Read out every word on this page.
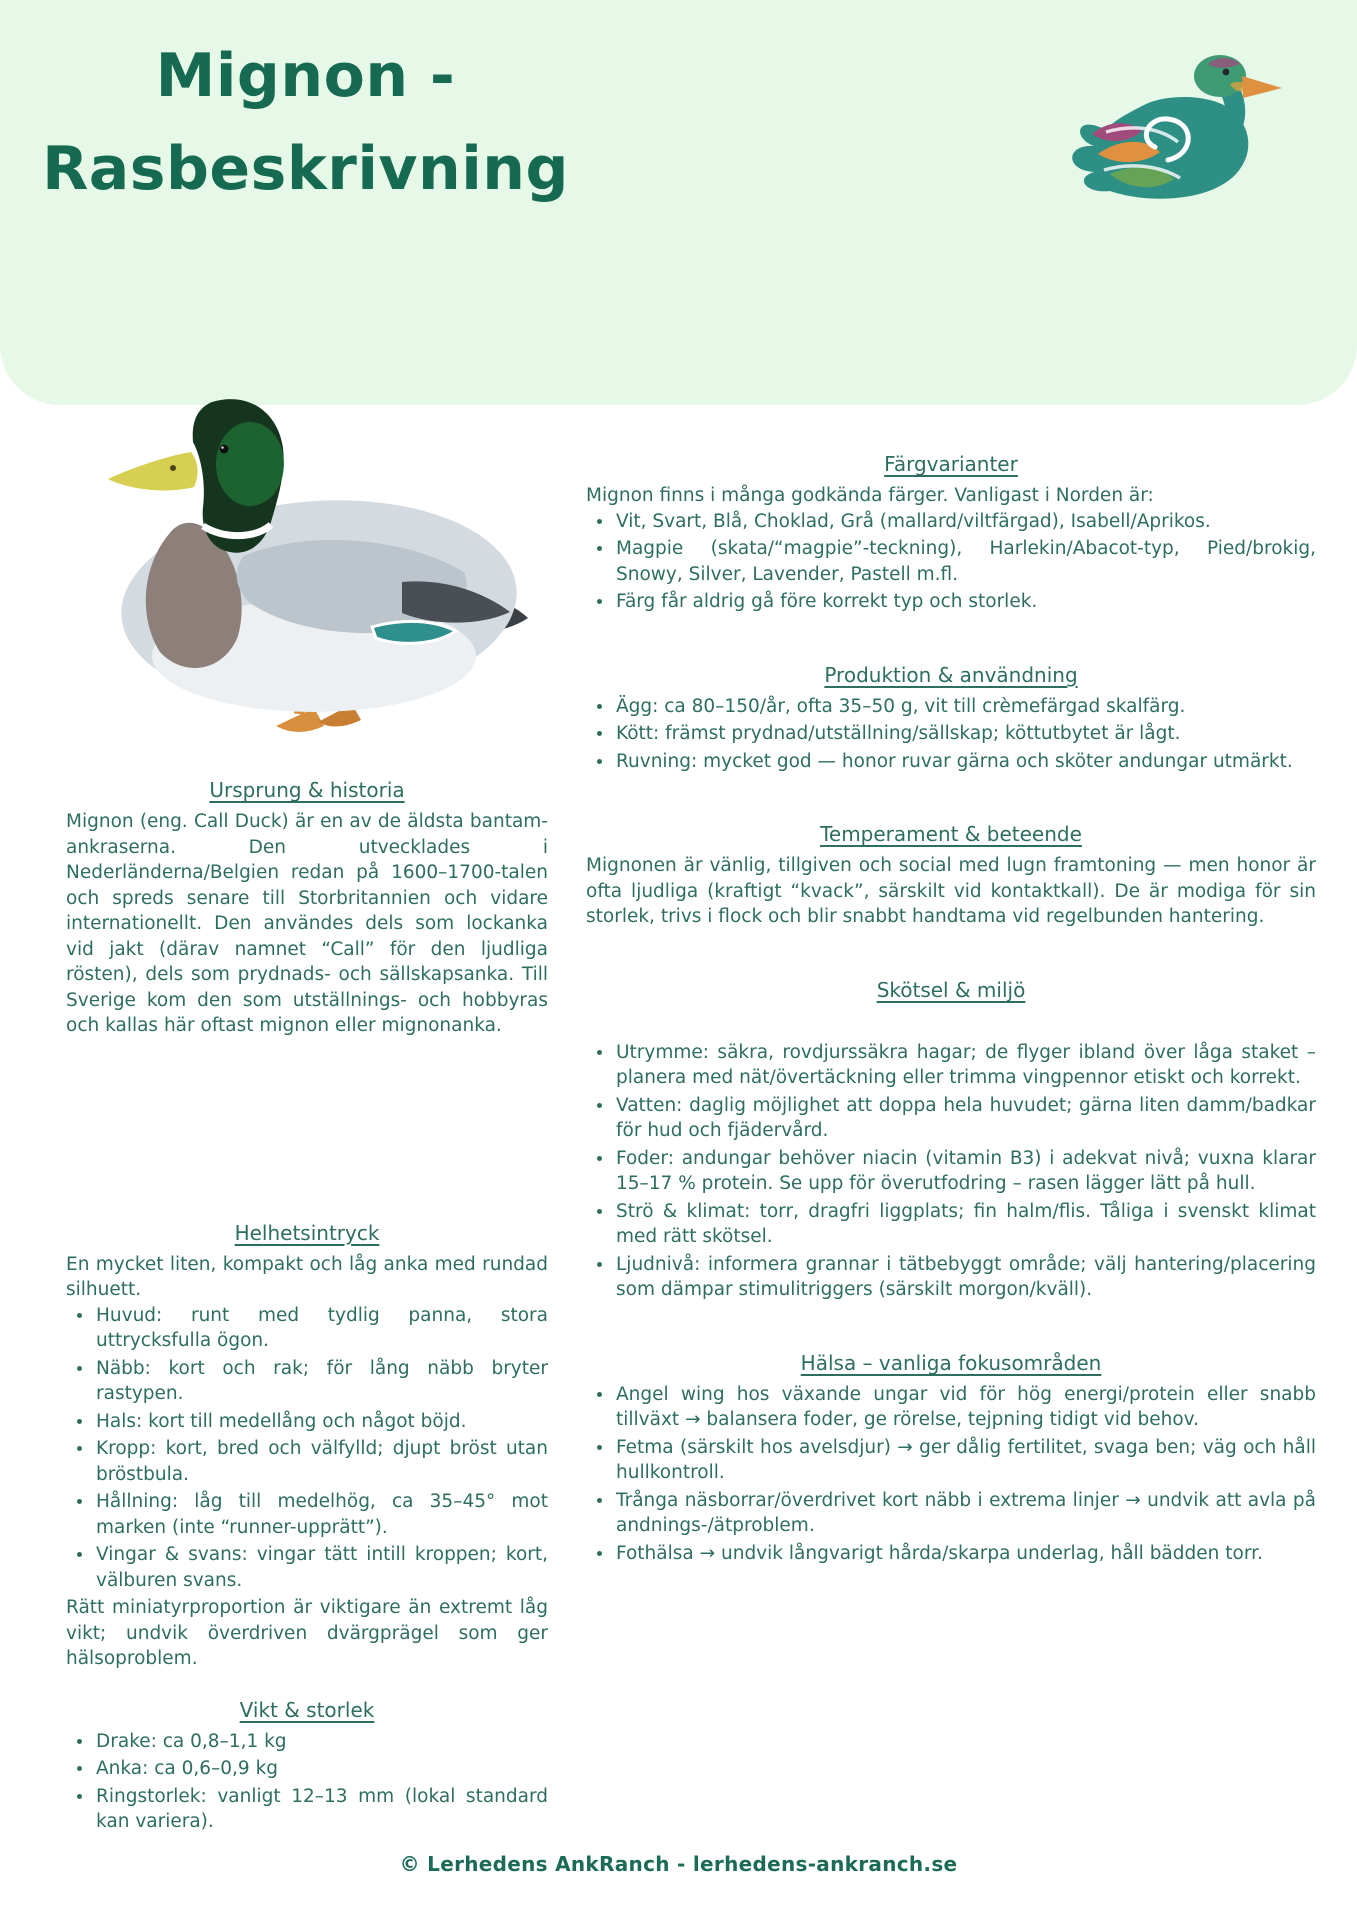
Mignon -
Rasbeskrivning
Ursprung & historia

Mignon (eng. Call Duck) är en av de äldsta bantam-ankraserna. Den utvecklades i Nederländerna/Belgien redan på 1600–1700-talen och spreds senare till Storbritannien och vidare internationellt. Den användes dels som lockanka vid jakt (därav namnet “Call” för den ljudliga rösten), dels som prydnads- och sällskapsanka. Till Sverige kom den som utställnings- och hobbyras och kallas här oftast mignon eller mignonanka.

Helhetsintryck

En mycket liten, kompakt och låg anka med rundad silhuett.

• Huvud: runt med tydlig panna, stora uttrycksfulla ögon.
• Näbb: kort och rak; för lång näbb bryter rastypen.
• Hals: kort till medellång och något böjd.
• Kropp: kort, bred och välfylld; djupt bröst utan bröstbula.
• Hållning: låg till medelhög, ca 35–45° mot marken (inte “runner-upprätt”).
• Vingar & svans: vingar tätt intill kroppen; kort, välburen svans.

Rätt miniatyrproportion är viktigare än extremt låg vikt; undvik överdriven dvärgprägel som ger hälsoproblem.

Vikt & storlek
• Drake: ca 0,8–1,1 kg
• Anka: ca 0,6–0,9 kg
• Ringstorlek: vanligt 12–13 mm (lokal standard kan variera).
Färgvarianter

Mignon finns i många godkända färger. Vanligast i Norden är:

• Vit, Svart, Blå, Choklad, Grå (mallard/viltfärgad), Isabell/Aprikos.
• Magpie (skata/“magpie”-teckning), Harlekin/Abacot-typ, Pied/brokig, Snowy, Silver, Lavender, Pastell m.fl.
• Färg får aldrig gå före korrekt typ och storlek.
Produktion & användning
• Ägg: ca 80–150/år, ofta 35–50 g, vit till crèmefärgad skalfärg.
• Kött: främst prydnad/utställning/sällskap; köttutbytet är lågt.
• Ruvning: mycket god — honor ruvar gärna och sköter andungar utmärkt.
Temperament & beteende

Mignonen är vänlig, tillgiven och social med lugn framtoning — men honor är ofta ljudliga (kraftigt “kvack”, särskilt vid kontaktkall). De är modiga för sin storlek, trivs i flock och blir snabbt handtama vid regelbunden hantering.

Skötsel & miljö
• Utrymme: säkra, rovdjurssäkra hagar; de flyger ibland över låga staket – planera med nät/övertäckning eller trimma vingpennor etiskt och korrekt.
• Vatten: daglig möjlighet att doppa hela huvudet; gärna liten damm/badkar för hud och fjädervård.
• Foder: andungar behöver niacin (vitamin B3) i adekvat nivå; vuxna klarar 15–17 % protein. Se upp för överutfodring – rasen lägger lätt på hull.
• Strö & klimat: torr, dragfri liggplats; fin halm/flis. Tåliga i svenskt klimat med rätt skötsel.
• Ljudnivå: informera grannar i tätbebyggt område; välj hantering/placering som dämpar stimulitriggers (särskilt morgon/kväll).
Hälsa – vanliga fokusområden
• Angel wing hos växande ungar vid för hög energi/protein eller snabb tillväxt → balansera foder, ge rörelse, tejpning tidigt vid behov.
• Fetma (särskilt hos avelsdjur) → ger dålig fertilitet, svaga ben; väg och håll hullkontroll.
• Trånga näsborrar/överdrivet kort näbb i extrema linjer → undvik att avla på andnings-/ätproblem.
• Fothälsa → undvik långvarigt hårda/skarpa underlag, håll bädden torr.
© Lerhedens AnkRanch - lerhedens-ankranch.se
